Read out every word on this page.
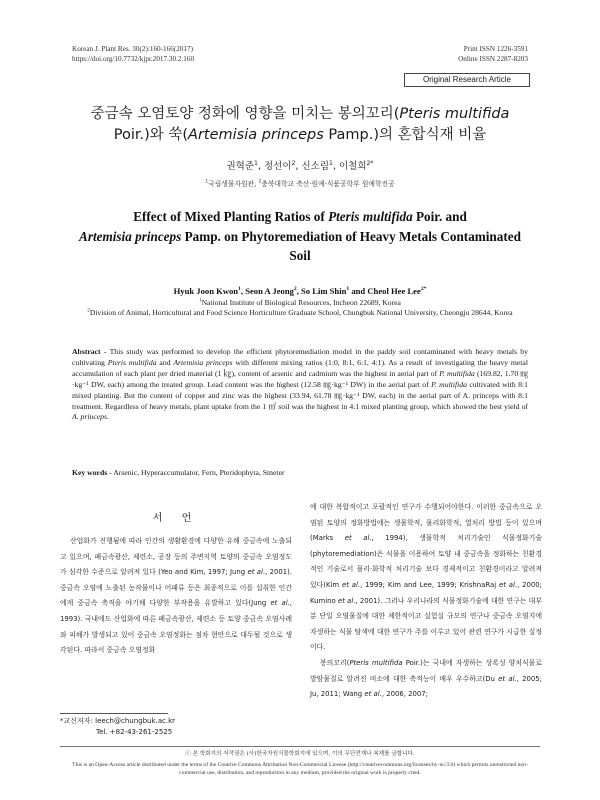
Korean J. Plant Res. 30(2):160-166(2017)
https://doi.org/10.7732/kjpr.2017.30.2.160
Print ISSN 1226-3591
Online ISSN 2287-8203
Original Research Article
중금속 오염토양 정화에 영향을 미치는 봉의꼬리(Pteris multifida
Poir.)와 쑥(Artemisia princeps Pamp.)의 혼합식재 비율
권혁준$^1$, 정선이$^2$, 신소림$^1$, 이철희$^{2*}$
$^1$국립생물자원관, $^2$충북대학교 축산·원예·식품공학부 원예학전공
Effect of Mixed Planting Ratios of Pteris multifida Poir. and
Artemisia princeps Pamp. on Phytoremediation of Heavy Metals Contaminated Soil
Hyuk Joon Kwon$^1$, Seon A Jeong$^2$, So Lim Shin$^1$ and Cheol Hee Lee$^{2*}$
$^1$National Institute of Biological Resources, Incheon 22689, Korea
$^2$Division of Animal, Horticultural and Food Science Horticulture Graduate School, Chungbuk National University, Cheongju 28644, Korea
Abstract - This study was performed to develop the efficient phytoremediation model in the paddy soil contaminated with heavy metals by cultivating Pteris multifida and Artemisia princeps with different mixing ratios (1:0, 8:1, 6:1, 4:1). As a result of investigating the heavy metal accumulation of each plant per dried material (1 ㎏), content of arsenic and cadmium was the highest in aerial part of P. multifida (169.82, 1.70 ㎎·kg⁻¹ DW, each) among the treated group. Lead content was the highest (12.58 ㎎·kg⁻¹ DW) in the aerial part of P. multifida cultivated with 8:1 mixed planting. But the content of copper and zinc was the highest (33.94, 61.78 ㎎·kg⁻¹ DW, each) in the aerial part of A. princeps with 8:1 treatment. Regardless of heavy metals, plant uptake from the 1 ㎡ soil was the highest in 4:1 mixed planting group, which showed the best yield of A. princeps.
Key words - Arsenic, Hyperaccumulator, Fern, Pteridophyta, Smeter
서 언

산업화가 진행됨에 따라 인간의 생활환경에 다양한 유해 중금속에 노출되고 있으며, 폐금속광산, 제련소, 공장 등의 주변지역 토양의 중금속 오염정도가 심각한 수준으로 알려져 있다 (Yeo and Kim, 1997; Jung et al., 2001). 중금속 오염에 노출된 농작물이나 어패류 등은 최종적으로 이를 섭취한 인간에게 중금속 축적을 야기해 다양한 부작용을 유발하고 있다(Jung et al., 1993). 국내에도 산업화에 따른 폐금속광산, 제련소 등 토양 중금속 오염사례와 피해가 발생되고 있어 중금속 오염정화는 점차 현안으로 대두될 것으로 생각된다. 따라서 중금속 오염정화

에 대한 복합적이고 포괄적인 연구가 수행되어야한다. 이러한 중금속으로 오염된 토양의 정화방법에는 생물학적, 물리화학적, 열처리 방법 등이 있으며(Marks et al., 1994), 생물학적 처리기술인 식물정화기술(phytoremediation)은 식물을 이용하여 토양 내 중금속을 정화하는 친환경적인 기술로서 물리·화학적 처리기술 보다 경제적이고 친환경이라고 알려져 있다(Kim et al., 1999; Kim and Lee, 1999; KrishnaRaj et al., 2000; Kumino et al., 2001). 그러나 우리나라의 식물정화기술에 대한 연구는 대부분 단일 오염물질에 대한 제한적이고 실험실 규모의 연구나 중금속 오염지에 자생하는 식물 탐색에 대한 연구가 주를 이루고 있어 관련 연구가 시급한 실정이다.

봉의꼬리(Pteris multifida Poir.)는 국내에 자생하는 상록성 양치식물로 발암물질로 알려진 비소에 대한 축적능이 매우 우수하고(Du et al., 2005; Ju, 2011; Wang et al., 2006, 2007;

*교신저자: leech@chungbuk.ac.kr
Tel. +82-43-261-2525
ⓒ 본 학회지의 저작권은 (사)한국자원식물학회지에 있으며, 이의 무단전재나 복제를 금합니다.
This is an Open-Access article distributed under the terms of the Creative Commons Attribution Non-Commercial License (http://creativecommons.org/licenses/by-nc/3.0) which permits unrestricted non-commercial use, distribution, and reproduction in any medium, provided the original work is properly cited.
